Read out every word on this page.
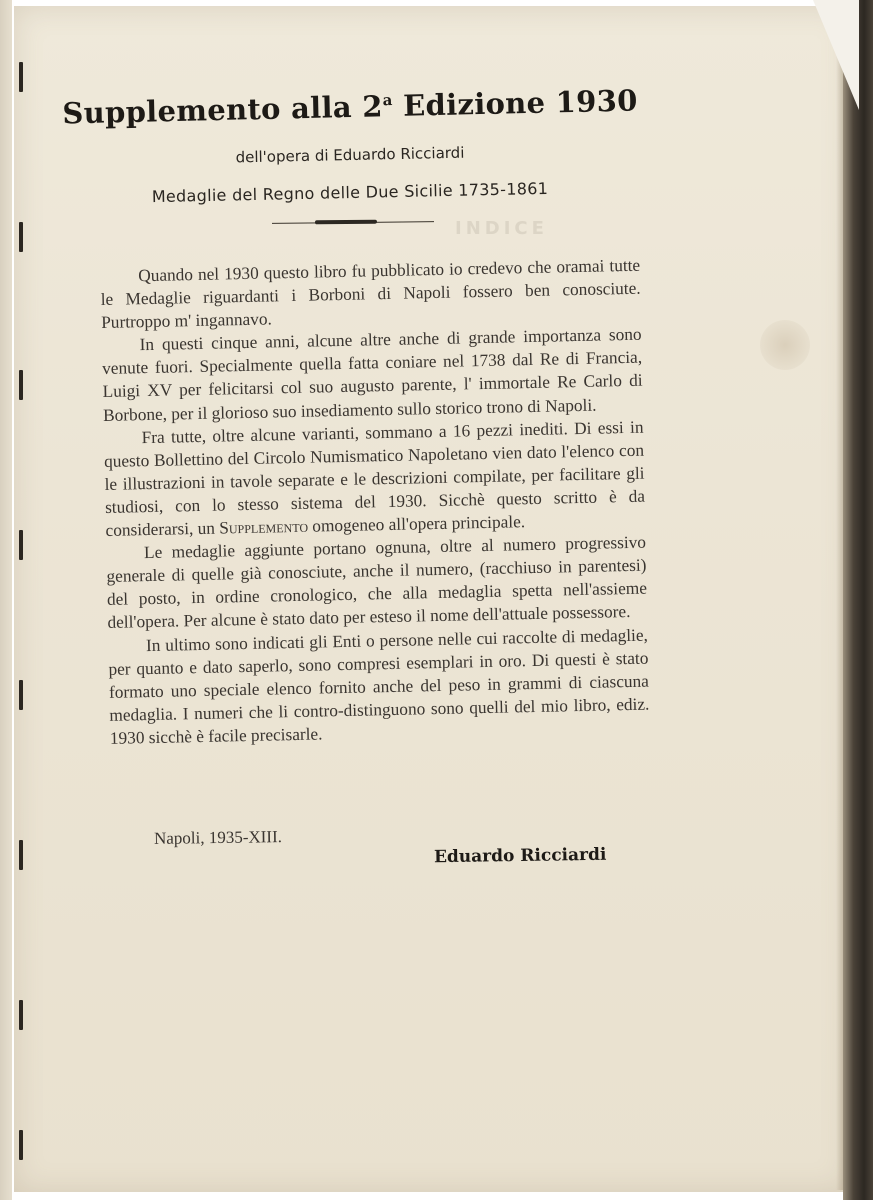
Supplemento alla 2$^a$ Edizione 1930
dell'opera di Eduardo Ricciardi
Medaglie del Regno delle Due Sicilie 1735-1861
INDICE

Quando nel 1930 questo libro fu pubblicato io credevo che oramai tutte le Medaglie riguardanti i Borboni di Napoli fossero ben conosciute. Purtroppo m' ingannavo.

In questi cinque anni, alcune altre anche di grande importanza sono venute fuori. Specialmente quella fatta coniare nel 1738 dal Re di Francia, Luigi XV per felicitarsi col suo augusto parente, l' immortale Re Carlo di Borbone, per il glorioso suo insediamento sullo storico trono di Napoli.

Fra tutte, oltre alcune varianti, sommano a 16 pezzi inediti. Di essi in questo Bollettino del Circolo Numismatico Napoletano vien dato l'elenco con le illustrazioni in tavole separate e le descrizioni compilate, per facilitare gli studiosi, con lo stesso sistema del 1930. Sicchè questo scritto è da considerarsi, un Supplemento omogeneo all'opera principale.

Le medaglie aggiunte portano ognuna, oltre al numero progressivo generale di quelle già conosciute, anche il numero, (racchiuso in parentesi) del posto, in ordine cronologico, che alla medaglia spetta nell'assieme dell'opera. Per alcune è stato dato per esteso il nome dell'attuale possessore.

In ultimo sono indicati gli Enti o persone nelle cui raccolte di medaglie, per quanto e dato saperlo, sono compresi esemplari in oro. Di questi è stato formato uno speciale elenco fornito anche del peso in grammi di ciascuna medaglia. I numeri che li contro-distinguono sono quelli del mio libro, ediz. 1930 sicchè è facile precisarle.

Napoli, 1935-XIII.
Eduardo Ricciardi
